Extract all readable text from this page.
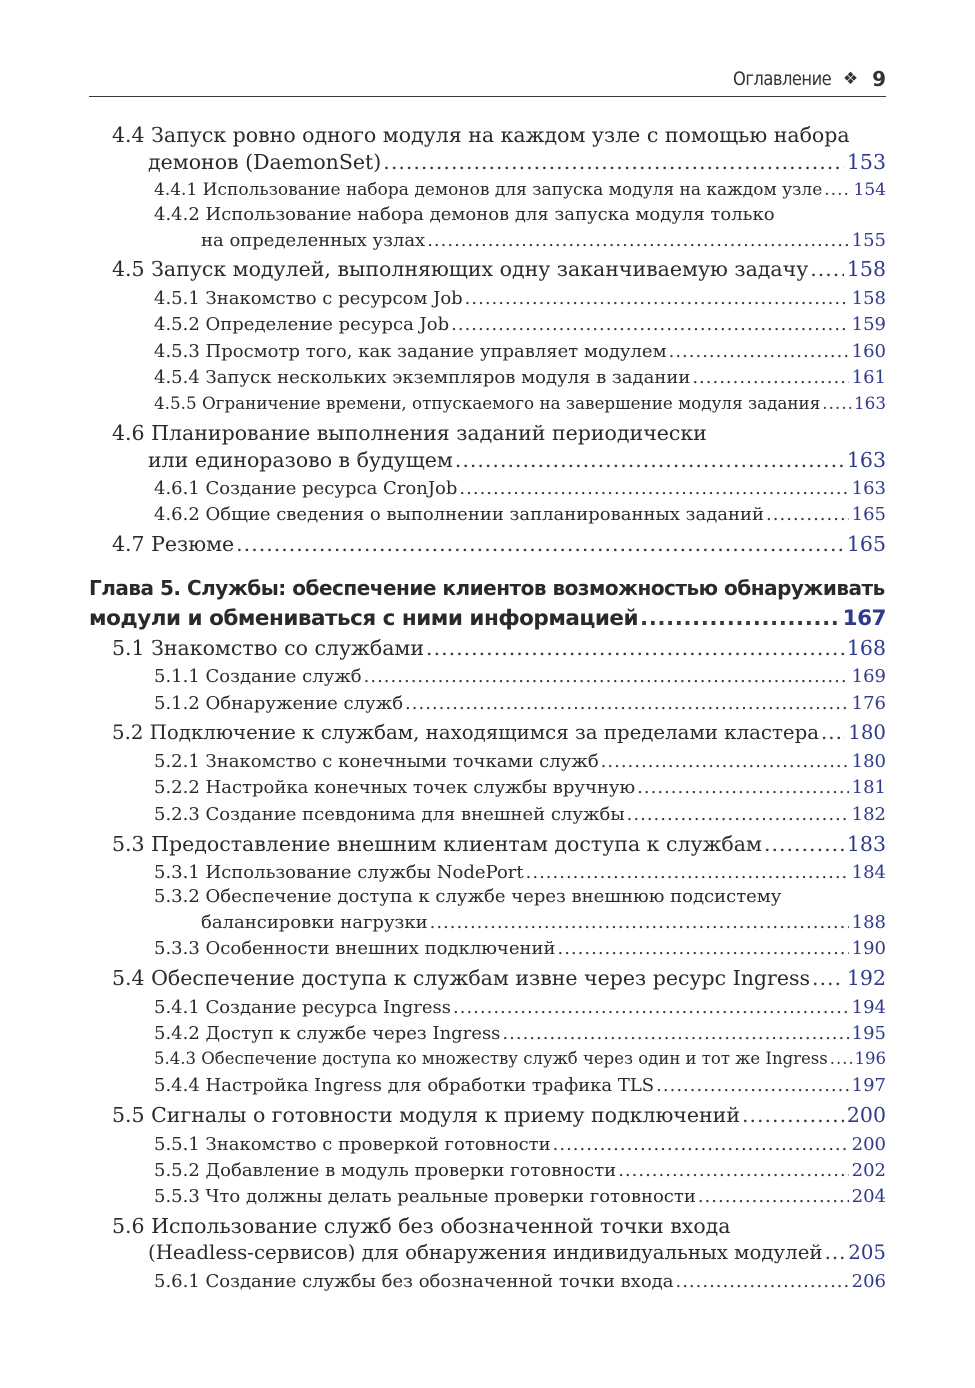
Оглавление ❖ 9
4.4 Запуск ровно одного модуля на каждом узле с помощью набора
демонов (DaemonSet) .....	153
4.4.1 Использование набора демонов для запуска модуля на каждом узле ..... 154
4.4.2 Использование набора демонов для запуска модуля только
на определенных узлах .....	155
4.5 Запуск модулей, выполняющих одну заканчиваемую задачу ..... 158
4.5.1 Знакомство с ресурсом Job .....	158
4.5.2 Определение ресурса Job .....	159
4.5.3 Просмотр того, как задание управляет модулем .....	160
4.5.4 Запуск нескольких экземпляров модуля в задании .....	161
4.5.5 Ограничение времени, отпускаемого на завершение модуля задания ..... 163
4.6 Планирование выполнения заданий периодически
или единоразово в будущем .....	163
4.6.1 Создание ресурса CronJob .....	163
4.6.2 Общие сведения о выполнении запланированных заданий .....	165
4.7 Резюме .....	165
Глава 5. Службы: обеспечение клиентов возможностью обнаруживать
модули и обмениваться с ними информацией .....	167
5.1 Знакомство со службами .....	168
5.1.1 Создание служб .....	169
5.1.2 Обнаружение служб .....	176
5.2 Подключение к службам, находящимся за пределами кластера ..... 180
5.2.1 Знакомство с конечными точками служб .....	180
5.2.2 Настройка конечных точек службы вручную .....	181
5.2.3 Создание псевдонима для внешней службы .....	182
5.3 Предоставление внешним клиентам доступа к службам .....	183
5.3.1 Использование службы NodePort .....	184
5.3.2 Обеспечение доступа к службе через внешнюю подсистему
балансировки нагрузки .....	188
5.3.3 Особенности внешних подключений .....	190
5.4 Обеспечение доступа к службам извне через ресурс Ingress ..... 192
5.4.1 Создание ресурса Ingress .....	194
5.4.2 Доступ к службе через Ingress .....	195
5.4.3 Обеспечение доступа ко множеству служб через один и тот же Ingress ..... 196
5.4.4 Настройка Ingress для обработки трафика TLS .....	197
5.5 Сигналы о готовности модуля к приему подключений .....	200
5.5.1 Знакомство с проверкой готовности .....	200
5.5.2 Добавление в модуль проверки готовности .....	202
5.5.3 Что должны делать реальные проверки готовности .....	204
5.6 Использование служб без обозначенной точки входа
(Headless-сервисов) для обнаружения индивидуальных модулей ..... 205
5.6.1 Создание службы без обозначенной точки входа .....	206
